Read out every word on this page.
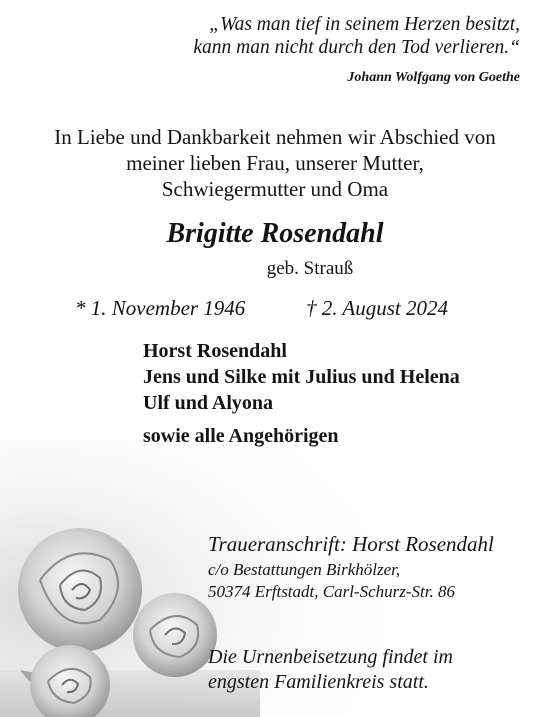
„Was man tief in seinem Herzen besitzt,
kann man nicht durch den Tod verlieren.“
Johann Wolfgang von Goethe
In Liebe und Dankbarkeit nehmen wir Abschied von
meiner lieben Frau, unserer Mutter,
Schwiegermutter und Oma
Brigitte Rosendahl
geb. Strauß
* 1. November 1946	† 2. August 2024
Horst Rosendahl
Jens und Silke mit Julius und Helena
Ulf und Alyona
sowie alle Angehörigen
Traueranschrift: Horst Rosendahl
c/o Bestattungen Birkhölzer,
50374 Erftstadt, Carl-Schurz-Str. 86
Die Urnenbeisetzung findet im
engsten Familienkreis statt.
